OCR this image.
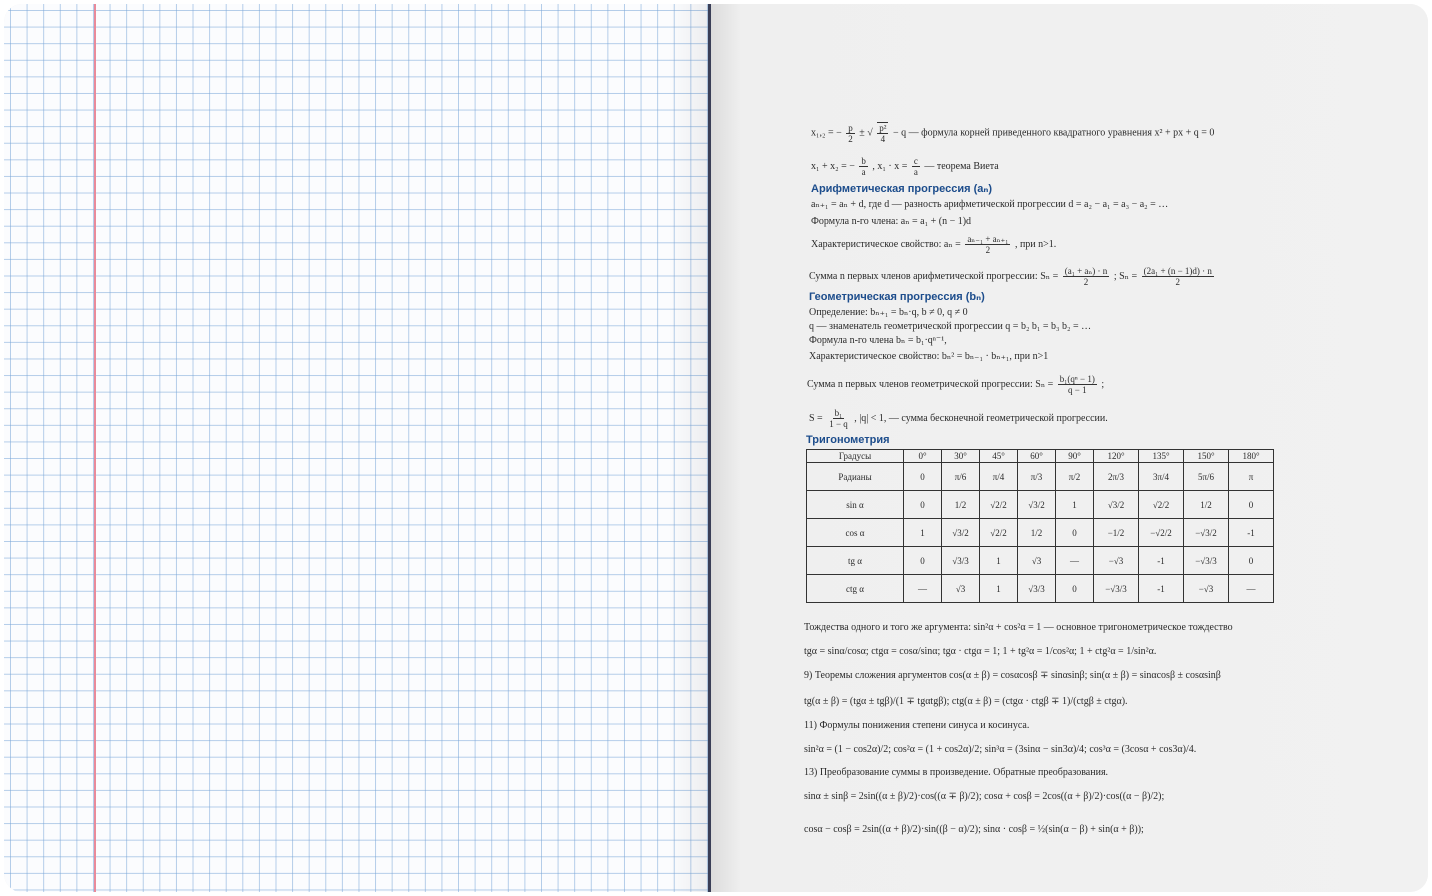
x₁,₂ = − $\frac{p}{2}$ ± √ $\frac{\text{p²}}{4} - q$ — формула корней приведенного квадратного уравнения x² + px + q = 0
x₁ + x₂ = − $\frac{b}{a}$ , $x_1 \cdot x = \frac{c}{a}$ — теорема Виета
Арифметическая прогрессия (aₙ)
aₙ₊₁ = aₙ + d, где d — разность арифметической прогрессии d = a₂ − a₁ = a₃ − a₂ = …
Формула n-го члена: aₙ = a₁ + (n − 1)d
Характеристическое свойство: $a_n = \frac{\text{aₙ₋₁ + aₙ₊₁}}{2}$ , при n>1.
Сумма n первых членов арифметической прогрессии: $S_n = \frac{\text{(a₁ + aₙ) · n}}{2}$ ; $S_n = \frac{\text{(2a₁ + (n − 1)d) · n}}{2}$
Геометрическая прогрессия (bₙ)
Определение: bₙ₊₁ = bₙ·q, b ≠ 0, q ≠ 0
q — знаменатель геометрической прогрессии q = b₂ b₁ = b₃ b₂ = …
Формула n-го члена bₙ = b₁·qⁿ⁻¹,
Характеристическое свойство: bₙ² = bₙ₋₁ · bₙ₊₁, при n>1
Сумма n первых членов геометрической прогрессии: $S_n = \frac{\text{b₁(qⁿ − 1)}}{q - 1}$ ;
$S = \frac{\text{b₁}}{1 - q}$ , |q| < 1, — сумма бесконечной геометрической прогрессии.
Тригонометрия
Градусы	0°	30°	45°	60°	90°	120°	135°	150°	180°
Радианы	0	π/6	π/4	π/3	π/2	2π/3	3π/4	5π/6	π
sin α	0	1/2	√2/2	√3/2	1	√3/2	√2/2	1/2	0
cos α	1	√3/2	√2/2	1/2	0	−1/2	−√2/2	−√3/2	-1
tg α	0	√3/3	1	√3	—	−√3	-1	−√3/3	0
ctg α	—	√3	1	√3/3	0	−√3/3	-1	−√3	—
Тождества одного и того же аргумента: sin²α + cos²α = 1 — основное тригонометрическое тождество
tgα = sinα/cosα; ctgα = cosα/sinα; tgα · ctgα = 1; 1 + tg²α = 1/cos²α; 1 + ctg²α = 1/sin²α.
9) Теоремы сложения аргументов cos(α ± β) = cosαcosβ ∓ sinαsinβ; sin(α ± β) = sinαcosβ ± cosαsinβ
tg(α ± β) = (tgα ± tgβ)/(1 ∓ tgαtgβ); ctg(α ± β) = (ctgα · ctgβ ∓ 1)/(ctgβ ± ctgα).
11) Формулы понижения степени синуса и косинуса.
sin²α = (1 − cos2α)/2; cos²α = (1 + cos2α)/2; sin³α = (3sinα − sin3α)/4; cos³α = (3cosα + cos3α)/4.
13) Преобразование суммы в произведение. Обратные преобразования.
sinα ± sinβ = 2sin((α ± β)/2)·cos((α ∓ β)/2); cosα + cosβ = 2cos((α + β)/2)·cos((α − β)/2);
cosα − cosβ = 2sin((α + β)/2)·sin((β − α)/2); sinα · cosβ = ½(sin(α − β) + sin(α + β));
